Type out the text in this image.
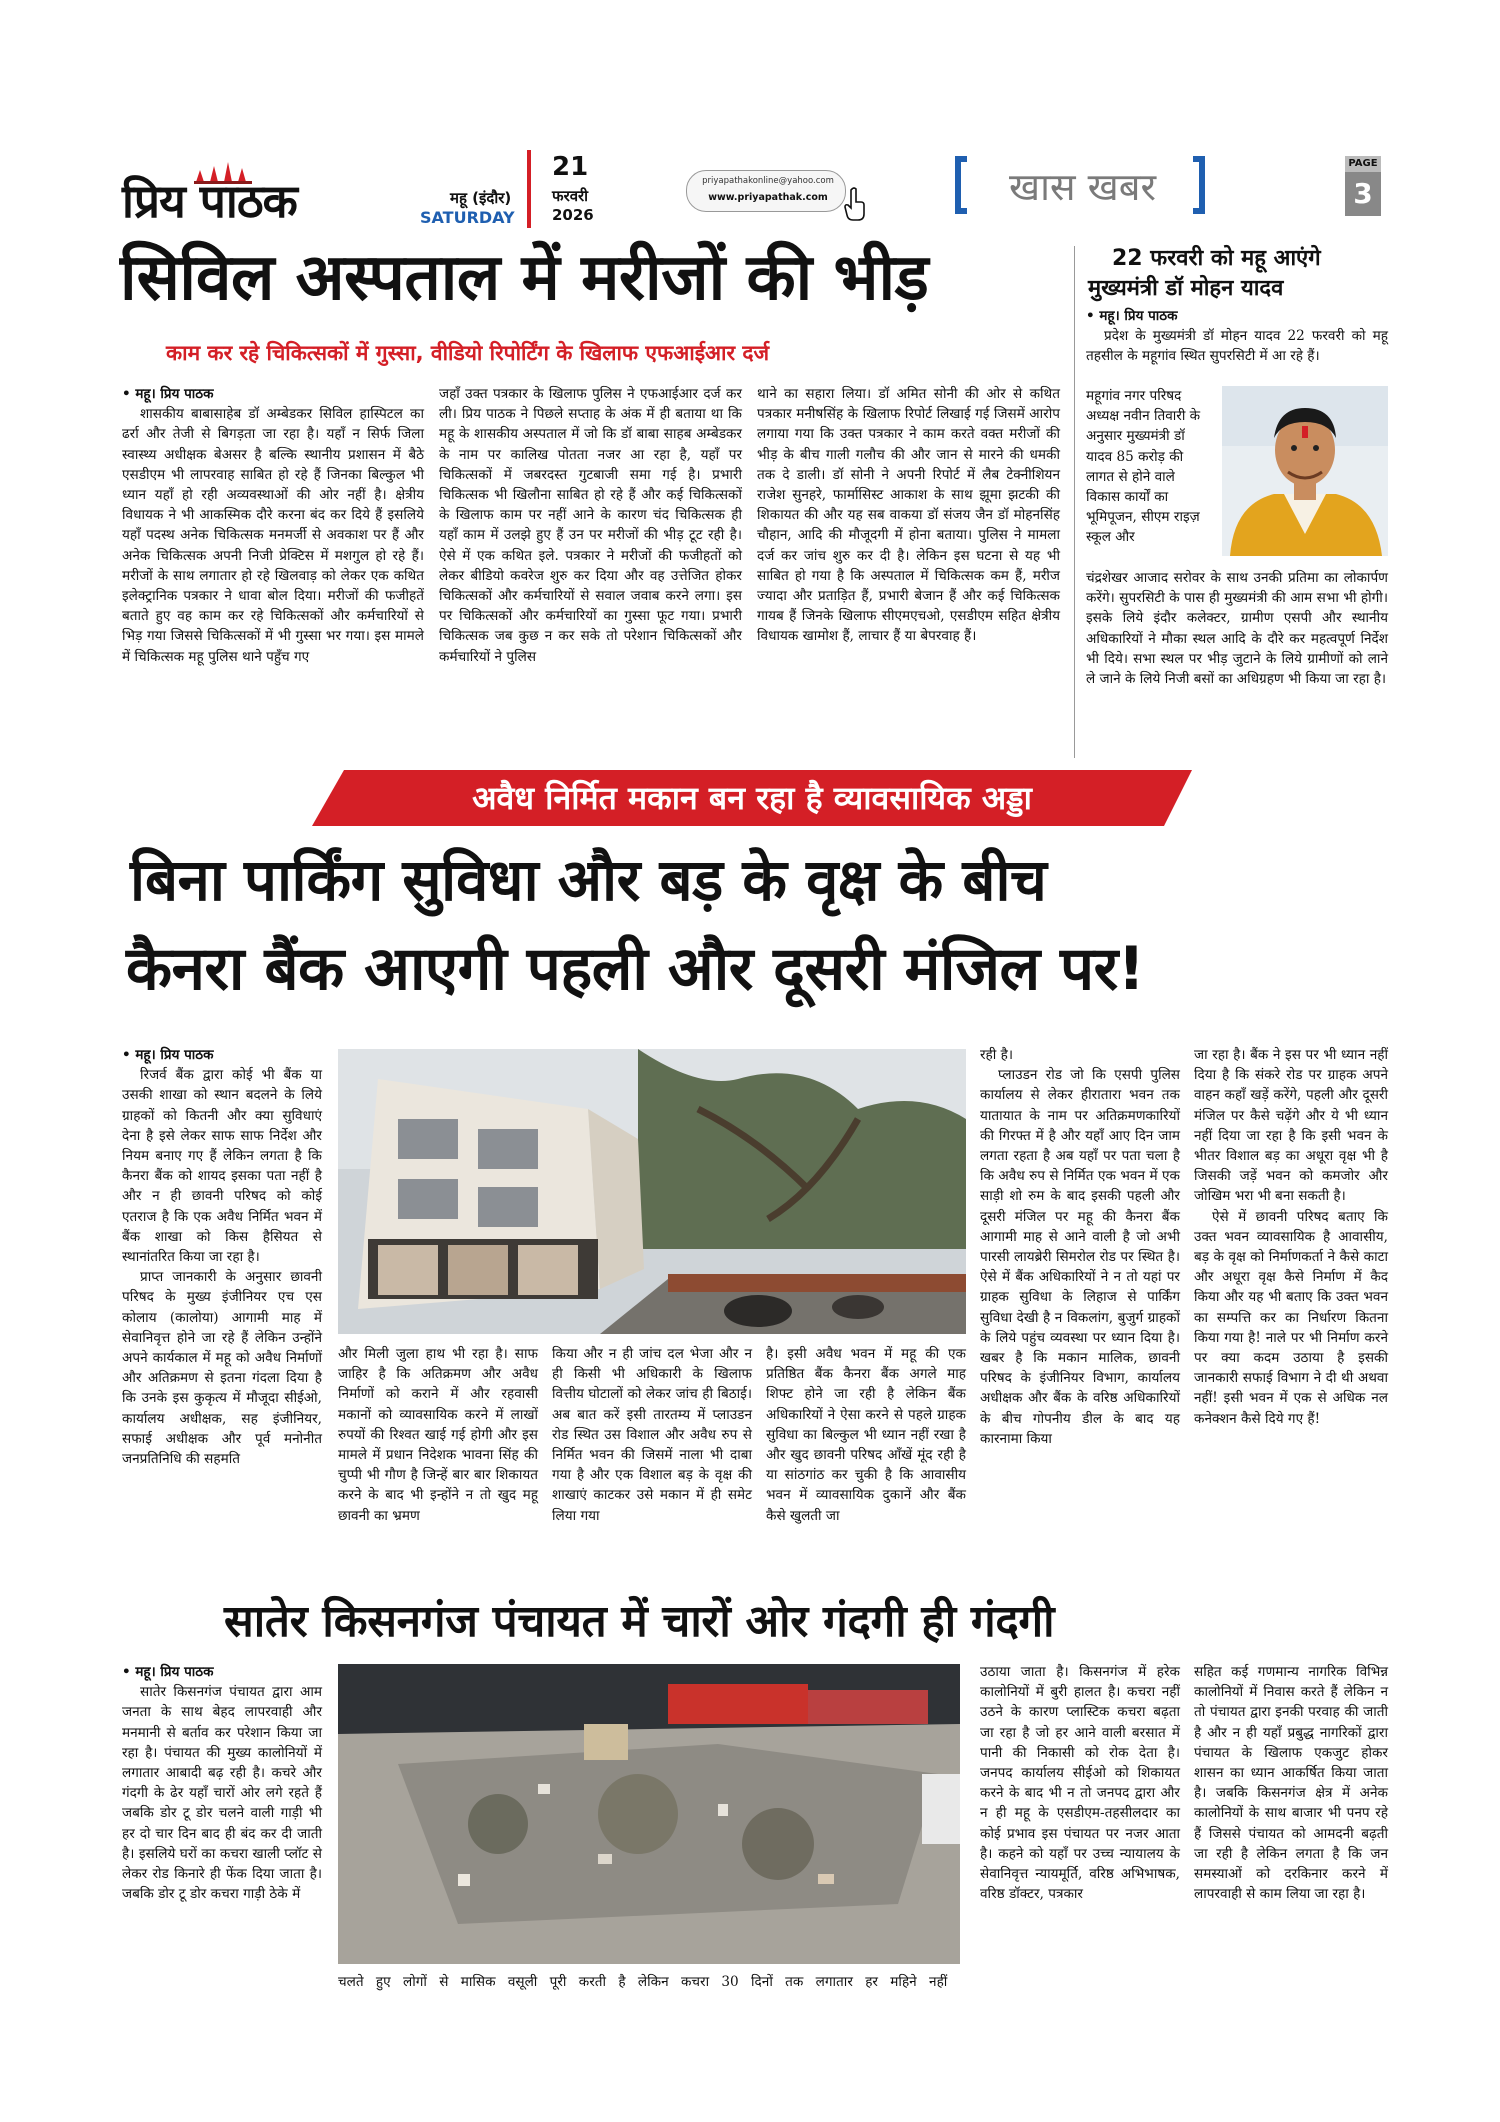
प्रिय पाठक	महू (इंदौर)
SATURDAY
21
फरवरी
2026
priyapathakonline@yahoo.com
www.priyapathak.com	खास खबर
PAGE
3
सिविल अस्पताल में मरीजों की भीड़
काम कर रहे चिकित्सकों में गुस्सा, वीडियो रिपोर्टिंग के खिलाफ एफआईआर दर्ज
• महू। प्रिय पाठक

शासकीय बाबासाहेब डॉ अम्बेडकर सिविल हास्पिटल का ढर्रा और तेजी से बिगड़ता जा रहा है। यहाँ न सिर्फ जिला स्वास्थ्य अधीक्षक बेअसर है बल्कि स्थानीय प्रशासन में बैठे एसडीएम भी लापरवाह साबित हो रहे हैं जिनका बिल्कुल भी ध्यान यहाँ हो रही अव्यवस्थाओं की ओर नहीं है। क्षेत्रीय विधायक ने भी आकस्मिक दौरे करना बंद कर दिये हैं इसलिये यहाँ पदस्थ अनेक चिकित्सक मनमर्जी से अवकाश पर हैं और अनेक चिकित्सक अपनी निजी प्रेक्टिस में मशगुल हो रहे हैं। मरीजों के साथ लगातार हो रहे खिलवाड़ को लेकर एक कथित इलेक्ट्रानिक पत्रकार ने धावा बोल दिया। मरीजों की फजीहतें बताते हुए वह काम कर रहे चिकित्सकों और कर्मचारियों से भिड़ गया जिससे चिकित्सकों में भी गुस्सा भर गया। इस मामले में चिकित्सक महू पुलिस थाने पहुँच गए

जहाँ उक्त पत्रकार के खिलाफ पुलिस ने एफआईआर दर्ज कर ली। प्रिय पाठक ने पिछले सप्ताह के अंक में ही बताया था कि महू के शासकीय अस्पताल में जो कि डॉ बाबा साहब अम्बेडकर के नाम पर कालिख पोतता नजर आ रहा है, यहाँ पर चिकित्सकों में जबरदस्त गुटबाजी समा गई है। प्रभारी चिकित्सक भी खिलौना साबित हो रहे हैं और कई चिकित्सकों के खिलाफ काम पर नहीं आने के कारण चंद चिकित्सक ही यहाँ काम में उलझे हुए हैं उन पर मरीजों की भीड़ टूट रही है। ऐसे में एक कथित इले. पत्रकार ने मरीजों की फजीहतों को लेकर बीडियो कवरेज शुरु कर दिया और वह उत्तेजित होकर चिकित्सकों और कर्मचारियों से सवाल जवाब करने लगा। इस पर चिकित्सकों और कर्मचारियों का गुस्सा फूट गया। प्रभारी चिकित्सक जब कुछ न कर सके तो परेशान चिकित्सकों और कर्मचारियों ने पुलिस

थाने का सहारा लिया। डॉ अमित सोनी की ओर से कथित पत्रकार मनीषसिंह के खिलाफ रिपोर्ट लिखाई गई जिसमें आरोप लगाया गया कि उक्त पत्रकार ने काम करते वक्त मरीजों की भीड़ के बीच गाली गलौच की और जान से मारने की धमकी तक दे डाली। डॉ सोनी ने अपनी रिपोर्ट में लैब टेक्नीशियन राजेश सुनहरे, फार्मासिस्ट आकाश के साथ झूमा झटकी की शिकायत की और यह सब वाकया डॉ संजय जैन डॉ मोहनसिंह चौहान, आदि की मौजूदगी में होना बताया। पुलिस ने मामला दर्ज कर जांच शुरु कर दी है। लेकिन इस घटना से यह भी साबित हो गया है कि अस्पताल में चिकित्सक कम हैं, मरीज ज्यादा और प्रताड़ित हैं, प्रभारी बेजान हैं और कई चिकित्सक गायब हैं जिनके खिलाफ सीएमएचओ, एसडीएम सहित क्षेत्रीय विधायक खामोश हैं, लाचार हैं या बेपरवाह हैं।

22 फरवरी को महू आएंगे
मुख्यमंत्री डॉ मोहन यादव
• महू। प्रिय पाठक

प्रदेश के मुख्यमंत्री डॉ मोहन यादव 22 फरवरी को महू तहसील के महूगांव स्थित सुपरसिटी में आ रहे हैं।

महूगांव नगर परिषद अध्यक्ष नवीन तिवारी के अनुसार मुख्यमंत्री डॉ यादव 85 करोड़ की लागत से होने वाले विकास कार्यों का भूमिपूजन, सीएम राइज़ स्कूल और

चंद्रशेखर आजाद सरोवर के साथ उनकी प्रतिमा का लोकार्पण करेंगे। सुपरसिटी के पास ही मुख्यमंत्री की आम सभा भी होगी। इसके लिये इंदौर कलेक्टर, ग्रामीण एसपी और स्थानीय अधिकारियों ने मौका स्थल आदि के दौरे कर महत्वपूर्ण निर्देश भी दिये। सभा स्थल पर भीड़ जुटाने के लिये ग्रामीणों को लाने ले जाने के लिये निजी बसों का अधिग्रहण भी किया जा रहा है।

अवैध निर्मित मकान बन रहा है व्यावसायिक अड्डा
बिना पार्किंग सुविधा और बड़ के वृक्ष के बीच
कैनरा बैंक आएगी पहली और दूसरी मंजिल पर!
• महू। प्रिय पाठक

रिजर्व बैंक द्वारा कोई भी बैंक या उसकी शाखा को स्थान बदलने के लिये ग्राहकों को कितनी और क्या सुविधाएं देना है इसे लेकर साफ साफ निर्देश और नियम बनाए गए हैं लेकिन लगता है कि कैनरा बैंक को शायद इसका पता नहीं है और न ही छावनी परिषद को कोई एतराज है कि एक अवैध निर्मित भवन में बैंक शाखा को किस हैसियत से स्थानांतरित किया जा रहा है।

प्राप्त जानकारी के अनुसार छावनी परिषद के मुख्य इंजीनियर एच एस कोलाय (कालोया) आगामी माह में सेवानिवृत्त होने जा रहे हैं लेकिन उन्होंने अपने कार्यकाल में महू को अवैध निर्माणों और अतिक्रमण से इतना गंदला दिया है कि उनके इस कुकृत्य में मौजूदा सीईओ, कार्यालय अधीक्षक, सह इंजीनियर, सफाई अधीक्षक और पूर्व मनोनीत जनप्रतिनिधि की सहमति

और मिली जुला हाथ भी रहा है। साफ जाहिर है कि अतिक्रमण और अवैध निर्माणों को कराने में और रहवासी मकानों को व्यावसायिक करने में लाखों रुपयों की रिश्वत खाई गई होगी और इस मामले में प्रधान निदेशक भावना सिंह की चुप्पी भी गौण है जिन्हें बार बार शिकायत करने के बाद भी इन्होंने न तो खुद महू छावनी का भ्रमण

किया और न ही जांच दल भेजा और न ही किसी भी अधिकारी के खिलाफ वित्तीय घोटालों को लेकर जांच ही बिठाई। अब बात करें इसी तारतम्य में प्लाउडन रोड स्थित उस विशाल और अवैध रुप से निर्मित भवन की जिसमें नाला भी दाबा गया है और एक विशाल बड़ के वृक्ष की शाखाएं काटकर उसे मकान में ही समेट लिया गया

है। इसी अवैध भवन में महू की एक प्रतिष्ठित बैंक कैनरा बैंक अगले माह शिफ्ट होने जा रही है लेकिन बैंक अधिकारियों ने ऐसा करने से पहले ग्राहक सुविधा का बिल्कुल भी ध्यान नहीं रखा है और खुद छावनी परिषद आँखें मूंद रही है या सांठगांठ कर चुकी है कि आवासीय भवन में व्यावसायिक दुकानें और बैंक कैसे खुलती जा

रही है।

प्लाउडन रोड जो कि एसपी पुलिस कार्यालय से लेकर हीरातारा भवन तक यातायात के नाम पर अतिक्रमणकारियों की गिरफ्त में है और यहाँ आए दिन जाम लगता रहता है अब यहाँ पर पता चला है कि अवैध रुप से निर्मित एक भवन में एक साड़ी शो रुम के बाद इसकी पहली और दूसरी मंजिल पर महू की कैनरा बैंक आगामी माह से आने वाली है जो अभी पारसी लायब्रेरी सिमरोल रोड पर स्थित है। ऐसे में बैंक अधिकारियों ने न तो यहां पर ग्राहक सुविधा के लिहाज से पार्किंग सुविधा देखी है न विकलांग, बुजुर्ग ग्राहकों के लिये पहुंच व्यवस्था पर ध्यान दिया है। खबर है कि मकान मालिक, छावनी परिषद के इंजीनियर विभाग, कार्यालय अधीक्षक और बैंक के वरिष्ठ अधिकारियों के बीच गोपनीय डील के बाद यह कारनामा किया

जा रहा है। बैंक ने इस पर भी ध्यान नहीं दिया है कि संकरे रोड पर ग्राहक अपने वाहन कहाँ खड़ें करेंगे, पहली और दूसरी मंजिल पर कैसे चढ़ेंगे और ये भी ध्यान नहीं दिया जा रहा है कि इसी भवन के भीतर विशाल बड़ का अधूरा वृक्ष भी है जिसकी जड़ें भवन को कमजोर और जोखिम भरा भी बना सकती है।

ऐसे में छावनी परिषद बताए कि उक्त भवन व्यावसायिक है आवासीय, बड़ के वृक्ष को निर्माणकर्ता ने कैसे काटा और अधूरा वृक्ष कैसे निर्माण में कैद किया और यह भी बताए कि उक्त भवन का सम्पत्ति कर का निर्धारण कितना किया गया है! नाले पर भी निर्माण करने पर क्या कदम उठाया है इसकी जानकारी सफाई विभाग ने दी थी अथवा नहीं! इसी भवन में एक से अधिक नल कनेक्शन कैसे दिये गए हैं!

सातेर किसनगंज पंचायत में चारों ओर गंदगी ही गंदगी
• महू। प्रिय पाठक

सातेर किसनगंज पंचायत द्वारा आम जनता के साथ बेहद लापरवाही और मनमानी से बर्ताव कर परेशान किया जा रहा है। पंचायत की मुख्य कालोनियों में लगातार आबादी बढ़ रही है। कचरे और गंदगी के ढेर यहाँ चारों ओर लगे रहते हैं जबकि डोर टू डोर चलने वाली गाड़ी भी हर दो चार दिन बाद ही बंद कर दी जाती है। इसलिये घरों का कचरा खाली प्लॉट से लेकर रोड किनारे ही फेंक दिया जाता है। जबकि डोर टू डोर कचरा गाड़ी ठेके में

चलते हुए लोगों से मासिक वसूली पूरी करती है लेकिन कचरा 30 दिनों तक लगातार हर महिने नहीं

उठाया जाता है। किसनगंज में हरेक कालोनियों में बुरी हालत है। कचरा नहीं उठने के कारण प्लास्टिक कचरा बढ़ता जा रहा है जो हर आने वाली बरसात में पानी की निकासी को रोक देता है। जनपद कार्यालय सीईओ को शिकायत करने के बाद भी न तो जनपद द्वारा और न ही महू के एसडीएम-तहसीलदार का कोई प्रभाव इस पंचायत पर नजर आता है। कहने को यहाँ पर उच्च न्यायालय के सेवानिवृत्त न्यायमूर्ति, वरिष्ठ अभिभाषक, वरिष्ठ डॉक्टर, पत्रकार

सहित कई गणमान्य नागरिक विभिन्न कालोनियों में निवास करते हैं लेकिन न तो पंचायत द्वारा इनकी परवाह की जाती है और न ही यहाँ प्रबुद्ध नागरिकों द्वारा पंचायत के खिलाफ एकजुट होकर शासन का ध्यान आकर्षित किया जाता है। जबकि किसनगंज क्षेत्र में अनेक कालोनियों के साथ बाजार भी पनप रहे हैं जिससे पंचायत को आमदनी बढ़ती जा रही है लेकिन लगता है कि जन समस्याओं को दरकिनार करने में लापरवाही से काम लिया जा रहा है।
